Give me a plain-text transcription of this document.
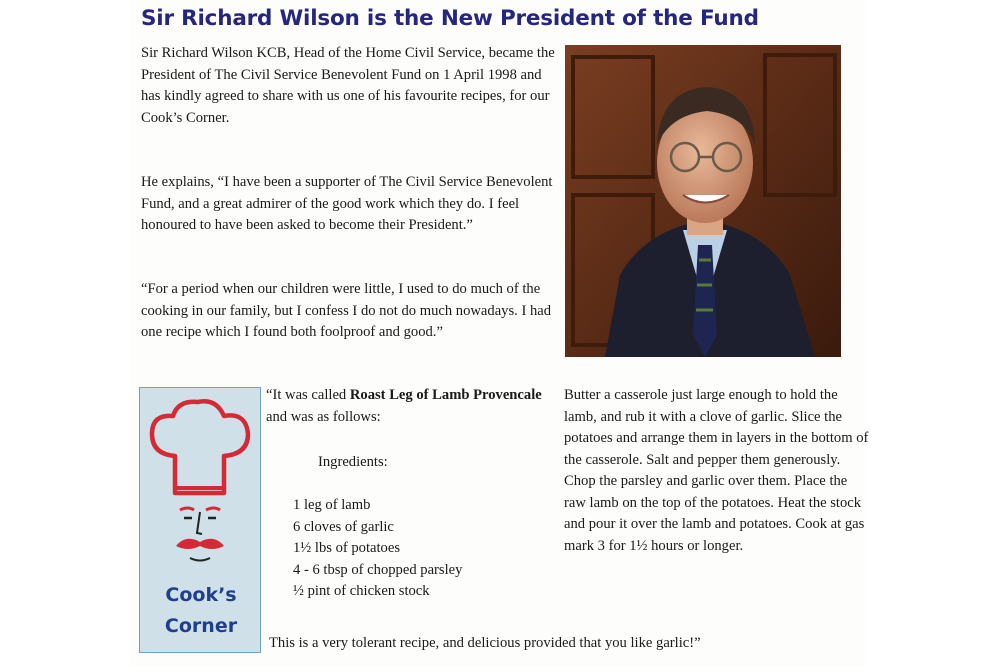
Sir Richard Wilson is the New President of the Fund

Sir Richard Wilson KCB, Head of the Home Civil Service, became the President of The Civil Service Benevolent Fund on 1 April 1998 and has kindly agreed to share with us one of his favourite recipes, for our Cook’s Corner.

He explains, “I have been a supporter of The Civil Service Benevolent Fund, and a great admirer of the good work which they do. I feel honoured to have been asked to become their President.”

“For a period when our children were little, I used to do much of the cooking in our family, but I confess I do not do much nowadays. I had one recipe which I found both foolproof and good.”

Cook’s
Corner

“It was called Roast Leg of Lamb Provencale and was as follows:

Ingredients:

1 leg of lamb
6 cloves of garlic
1½ lbs of potatoes
4 - 6 tbsp of chopped parsley
½ pint of chicken stock

Butter a casserole just large enough to hold the lamb, and rub it with a clove of garlic. Slice the potatoes and arrange them in layers in the bottom of the casserole. Salt and pepper them generously. Chop the parsley and garlic over them. Place the raw lamb on the top of the potatoes. Heat the stock and pour it over the lamb and potatoes. Cook at gas mark 3 for 1½ hours or longer.

This is a very tolerant recipe, and delicious provided that you like garlic!”
